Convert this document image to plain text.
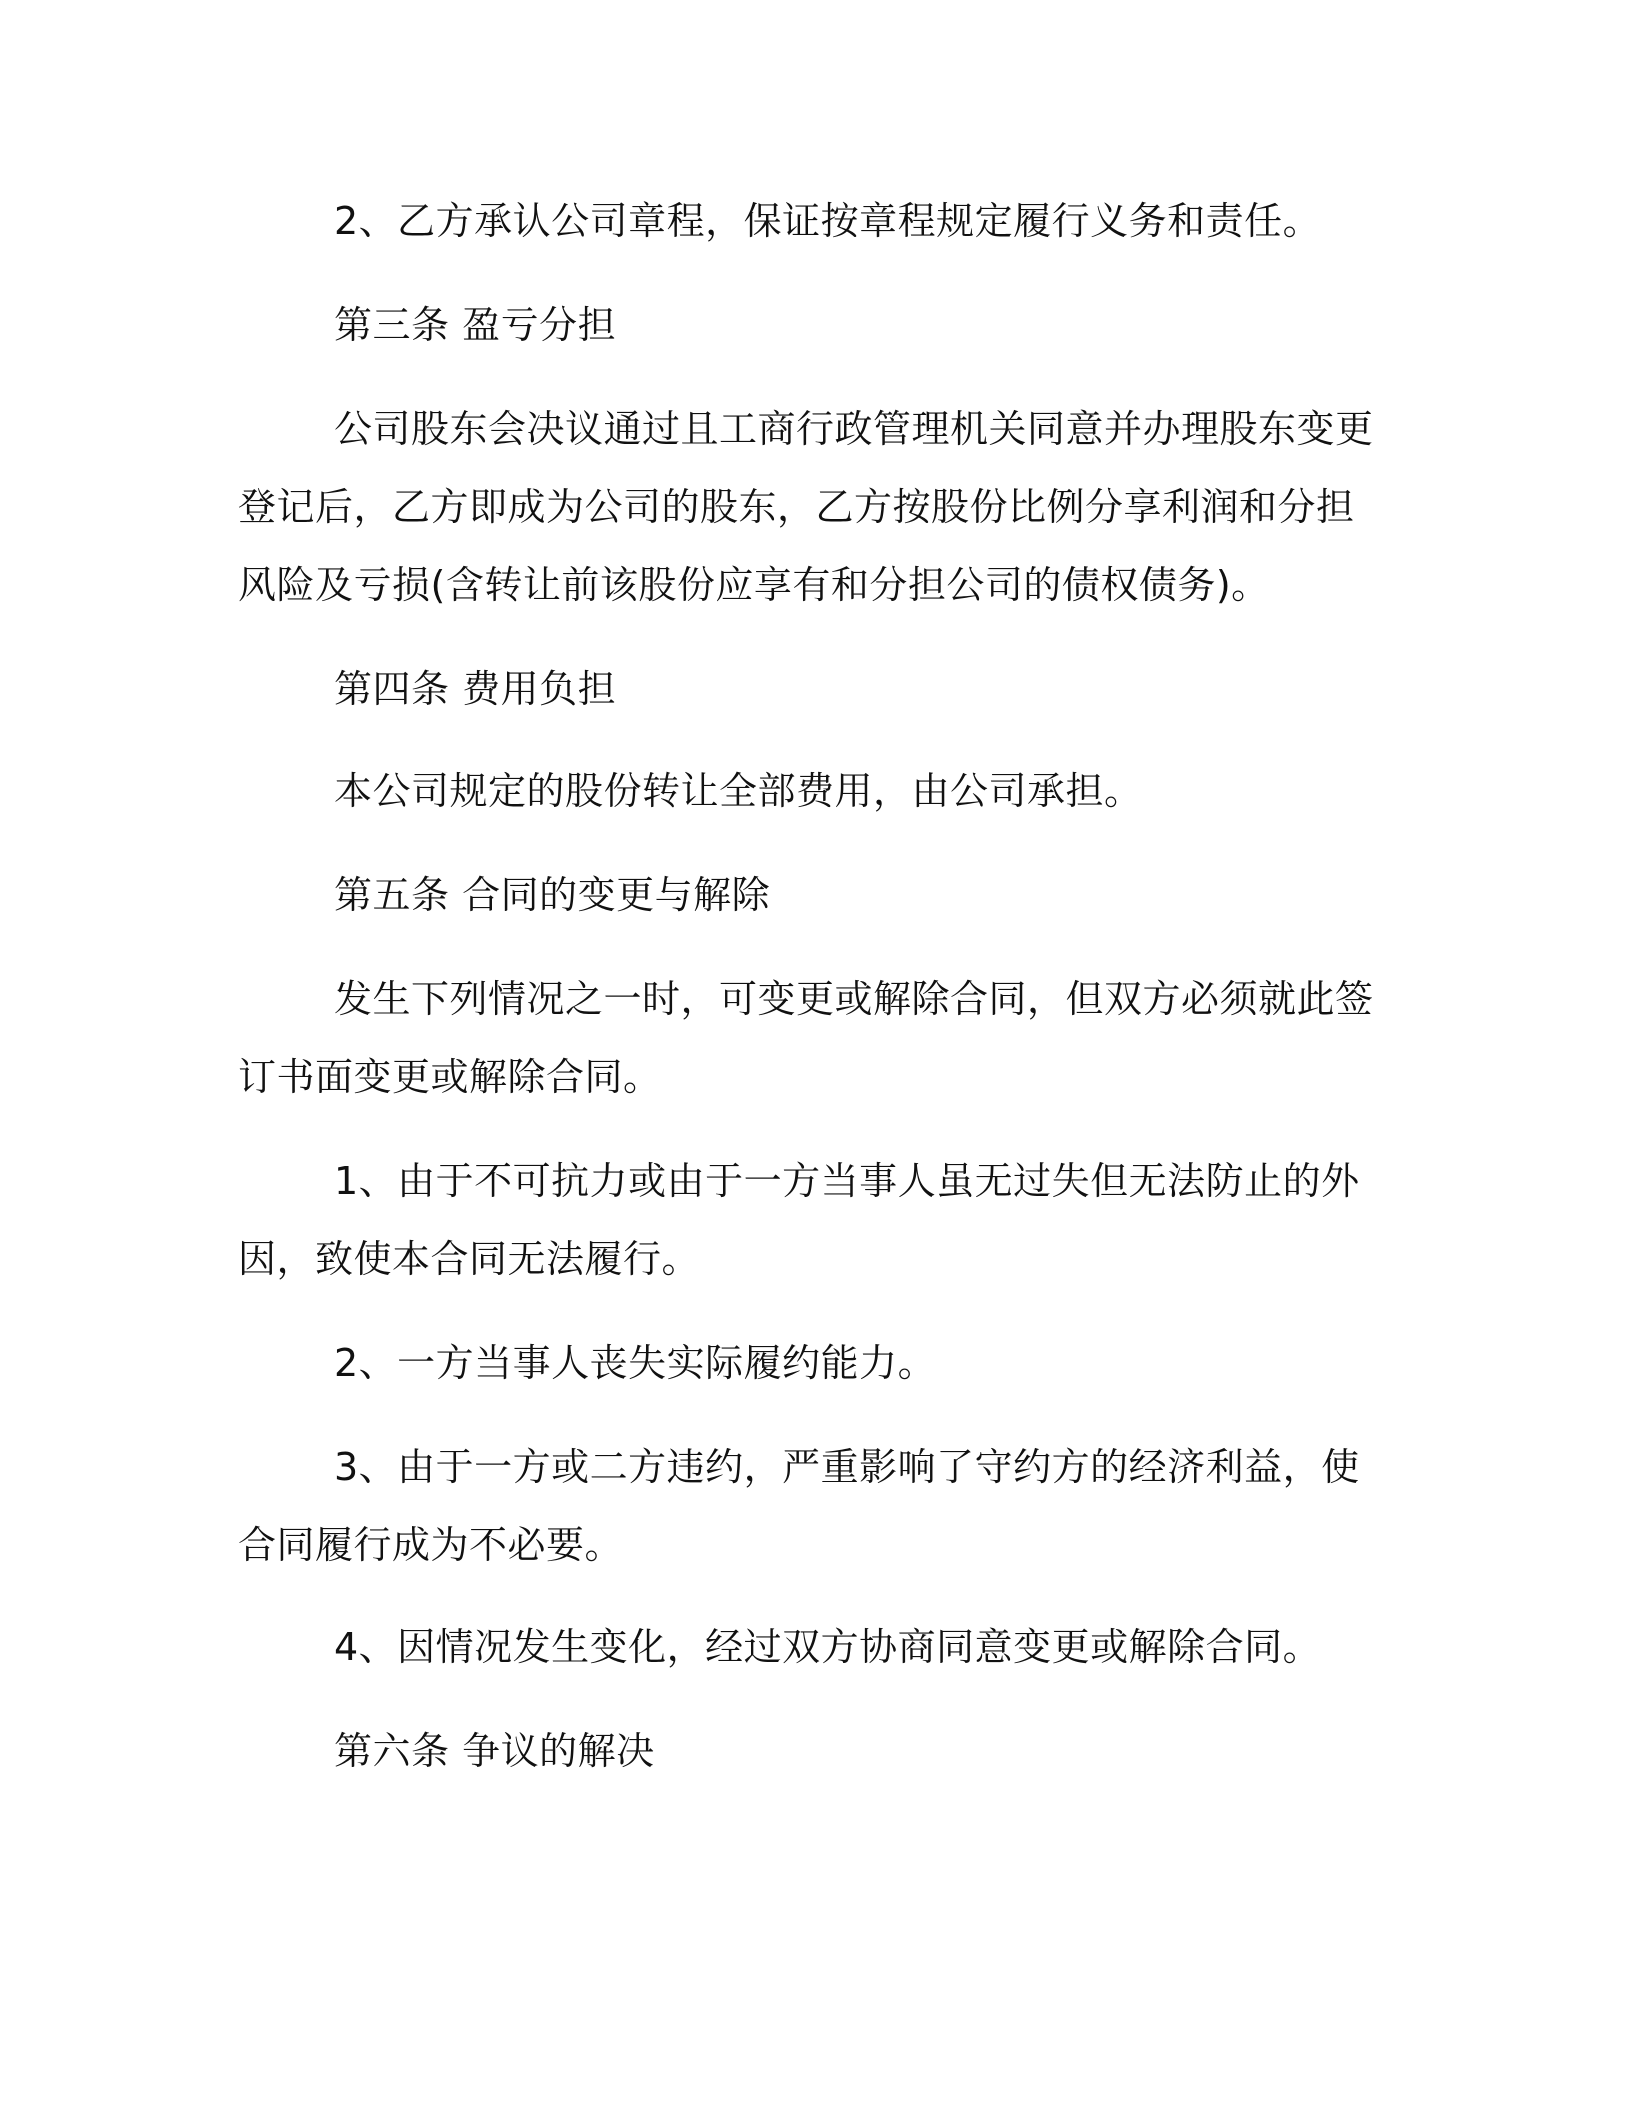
2、乙方承认公司章程，保证按章程规定履行义务和责任。

第三条 盈亏分担

公司股东会决议通过且工商行政管理机关同意并办理股东变更登记后，乙方即成为公司的股东，乙方按股份比例分享利润和分担风险及亏损(含转让前该股份应享有和分担公司的债权债务)。

第四条 费用负担

本公司规定的股份转让全部费用，由公司承担。

第五条 合同的变更与解除

发生下列情况之一时，可变更或解除合同，但双方必须就此签订书面变更或解除合同。

1、由于不可抗力或由于一方当事人虽无过失但无法防止的外因，致使本合同无法履行。

2、一方当事人丧失实际履约能力。

3、由于一方或二方违约，严重影响了守约方的经济利益，使合同履行成为不必要。

4、因情况发生变化，经过双方协商同意变更或解除合同。

第六条 争议的解决
